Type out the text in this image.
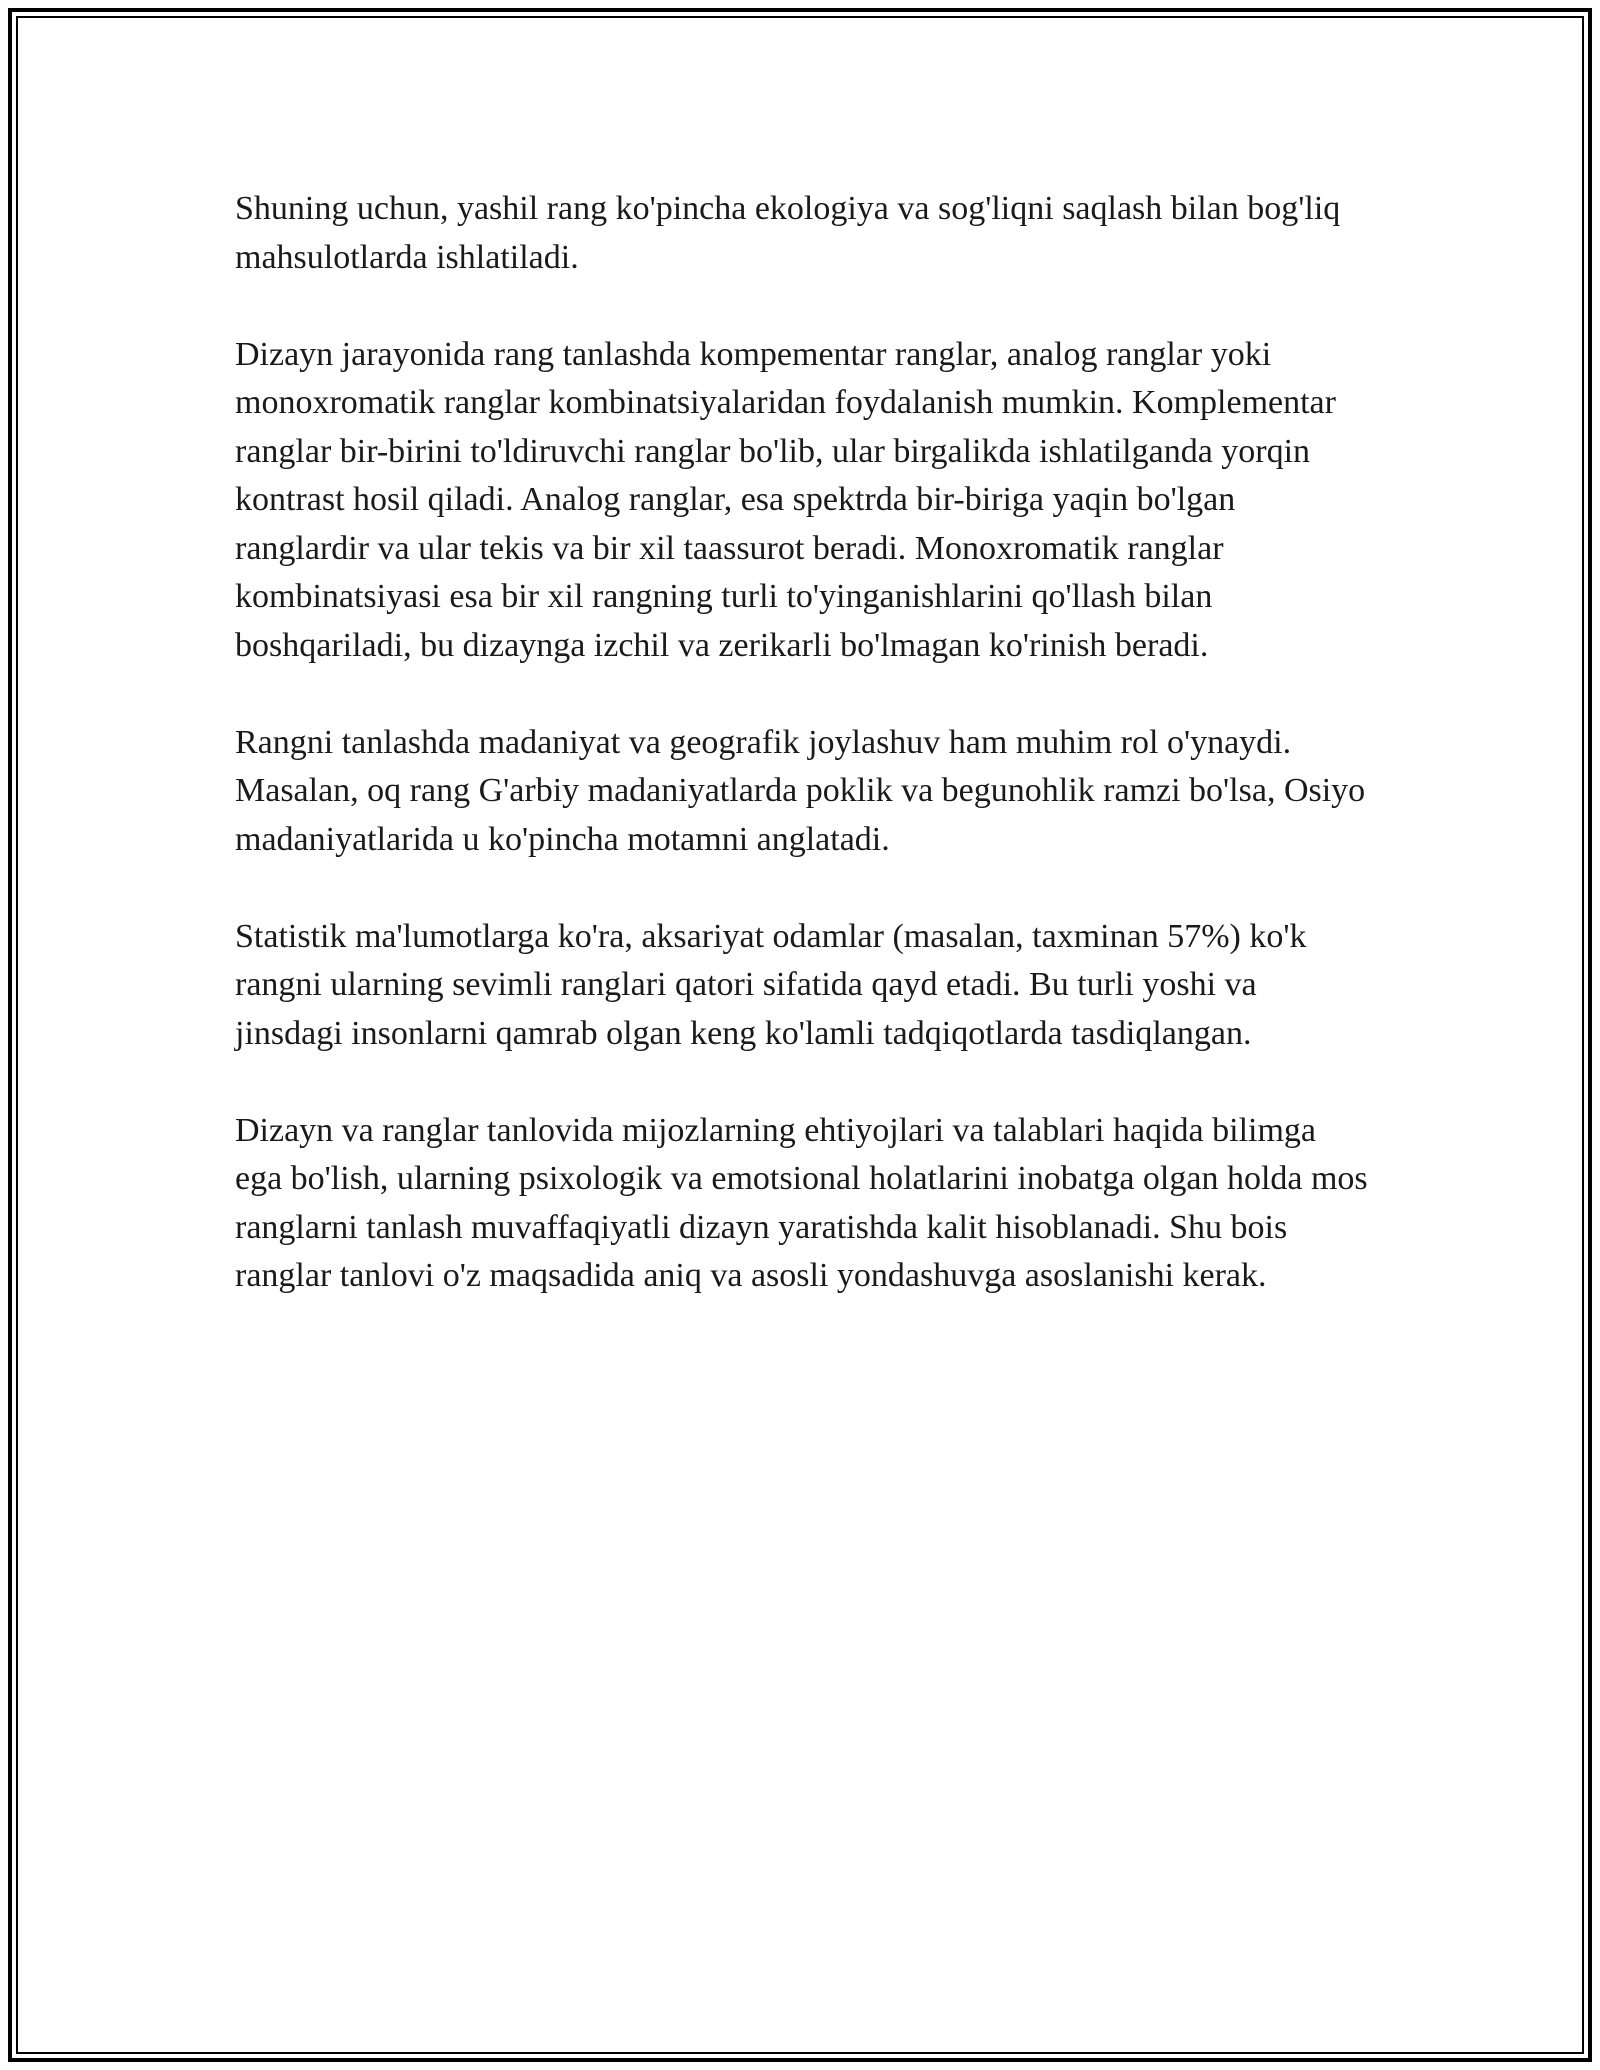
Shuning uchun, yashil rang ko'pincha ekologiya va sog'liqni saqlash bilan bog'liq mahsulotlarda ishlatiladi.

Dizayn jarayonida rang tanlashda kompementar ranglar, analog ranglar yoki monoxromatik ranglar kombinatsiyalaridan foydalanish mumkin. Komplementar ranglar bir-birini to'ldiruvchi ranglar bo'lib, ular birgalikda ishlatilganda yorqin kontrast hosil qiladi. Analog ranglar, esa spektrda bir-biriga yaqin bo'lgan ranglardir va ular tekis va bir xil taassurot beradi. Monoxromatik ranglar kombinatsiyasi esa bir xil rangning turli to'yinganishlarini qo'llash bilan boshqariladi, bu dizaynga izchil va zerikarli bo'lmagan ko'rinish beradi.

Rangni tanlashda madaniyat va geografik joylashuv ham muhim rol o'ynaydi. Masalan, oq rang G'arbiy madaniyatlarda poklik va begunohlik ramzi bo'lsa, Osiyo madaniyatlarida u ko'pincha motamni anglatadi.

Statistik ma'lumotlarga ko'ra, aksariyat odamlar (masalan, taxminan 57%) ko'k rangni ularning sevimli ranglari qatori sifatida qayd etadi. Bu turli yoshi va jinsdagi insonlarni qamrab olgan keng ko'lamli tadqiqotlarda tasdiqlangan.

Dizayn va ranglar tanlovida mijozlarning ehtiyojlari va talablari haqida bilimga ega bo'lish, ularning psixologik va emotsional holatlarini inobatga olgan holda mos ranglarni tanlash muvaffaqiyatli dizayn yaratishda kalit hisoblanadi. Shu bois ranglar tanlovi o'z maqsadida aniq va asosli yondashuvga asoslanishi kerak.
